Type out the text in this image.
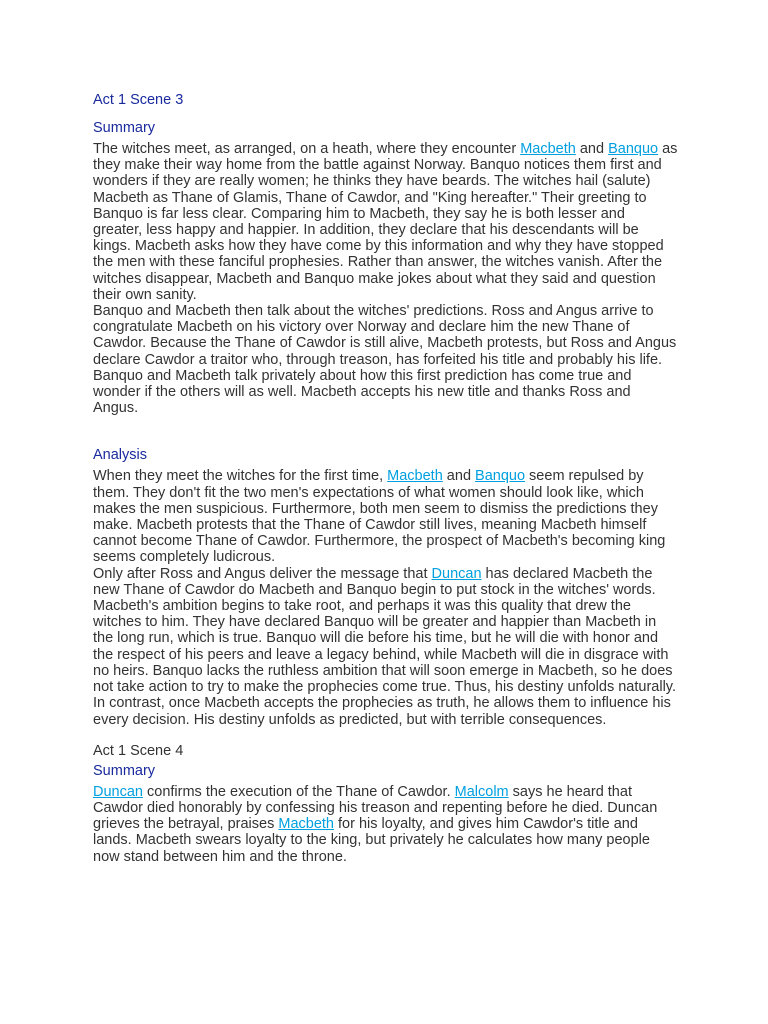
Act 1 Scene 3
Summary

The witches meet, as arranged, on a heath, where they encounter Macbeth and Banquo as they make their way home from the battle against Norway. Banquo notices them first and wonders if they are really women; he thinks they have beards. The witches hail (salute) Macbeth as Thane of Glamis, Thane of Cawdor, and "King hereafter." Their greeting to Banquo is far less clear. Comparing him to Macbeth, they say he is both lesser and greater, less happy and happier. In addition, they declare that his descendants will be kings. Macbeth asks how they have come by this information and why they have stopped the men with these fanciful prophesies. Rather than answer, the witches vanish. After the witches disappear, Macbeth and Banquo make jokes about what they said and question their own sanity.

Banquo and Macbeth then talk about the witches' predictions. Ross and Angus arrive to congratulate Macbeth on his victory over Norway and declare him the new Thane of Cawdor. Because the Thane of Cawdor is still alive, Macbeth protests, but Ross and Angus declare Cawdor a traitor who, through treason, has forfeited his title and probably his life. Banquo and Macbeth talk privately about how this first prediction has come true and wonder if the others will as well. Macbeth accepts his new title and thanks Ross and Angus.

Analysis

When they meet the witches for the first time, Macbeth and Banquo seem repulsed by them. They don't fit the two men's expectations of what women should look like, which makes the men suspicious. Furthermore, both men seem to dismiss the predictions they make. Macbeth protests that the Thane of Cawdor still lives, meaning Macbeth himself cannot become Thane of Cawdor. Furthermore, the prospect of Macbeth's becoming king seems completely ludicrous.

Only after Ross and Angus deliver the message that Duncan has declared Macbeth the new Thane of Cawdor do Macbeth and Banquo begin to put stock in the witches' words. Macbeth's ambition begins to take root, and perhaps it was this quality that drew the witches to him. They have declared Banquo will be greater and happier than Macbeth in the long run, which is true. Banquo will die before his time, but he will die with honor and the respect of his peers and leave a legacy behind, while Macbeth will die in disgrace with no heirs. Banquo lacks the ruthless ambition that will soon emerge in Macbeth, so he does not take action to try to make the prophecies come true. Thus, his destiny unfolds naturally. In contrast, once Macbeth accepts the prophecies as truth, he allows them to influence his every decision. His destiny unfolds as predicted, but with terrible consequences.

Act 1 Scene 4
Summary

Duncan confirms the execution of the Thane of Cawdor. Malcolm says he heard that Cawdor died honorably by confessing his treason and repenting before he died. Duncan grieves the betrayal, praises Macbeth for his loyalty, and gives him Cawdor's title and lands. Macbeth swears loyalty to the king, but privately he calculates how many people now stand between him and the throne.
